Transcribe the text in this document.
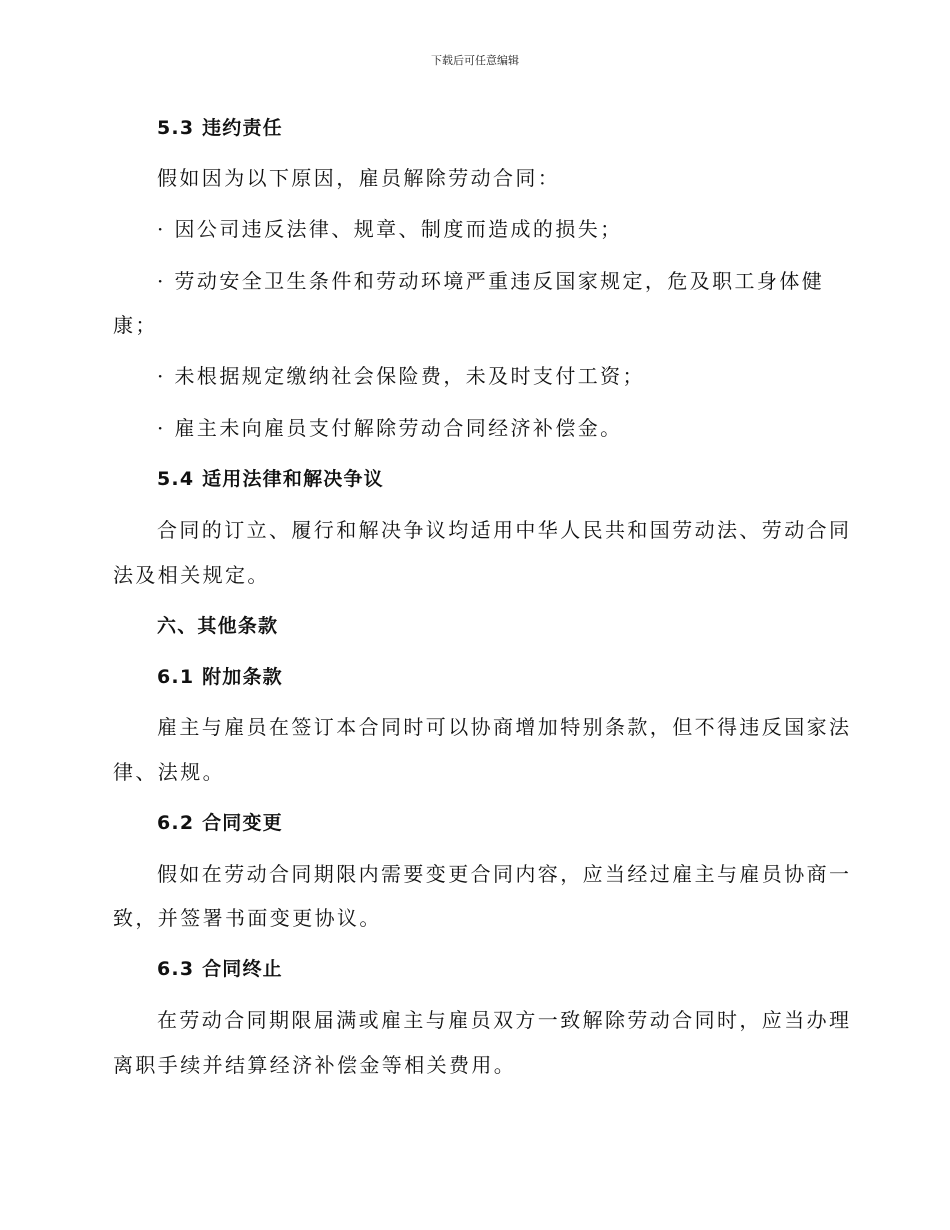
下载后可任意编辑
5.3 违约责任
假如因为以下原因，雇员解除劳动合同：
· 因公司违反法律、规章、制度而造成的损失；
· 劳动安全卫生条件和劳动环境严重违反国家规定，危及职工身体健
康；
· 未根据规定缴纳社会保险费，未及时支付工资；
· 雇主未向雇员支付解除劳动合同经济补偿金。
5.4 适用法律和解决争议
合同的订立、履行和解决争议均适用中华人民共和国劳动法、劳动合同
法及相关规定。
六、其他条款
6.1 附加条款
雇主与雇员在签订本合同时可以协商增加特别条款，但不得违反国家法
律、法规。
6.2 合同变更
假如在劳动合同期限内需要变更合同内容，应当经过雇主与雇员协商一
致，并签署书面变更协议。
6.3 合同终止
在劳动合同期限届满或雇主与雇员双方一致解除劳动合同时，应当办理
离职手续并结算经济补偿金等相关费用。
